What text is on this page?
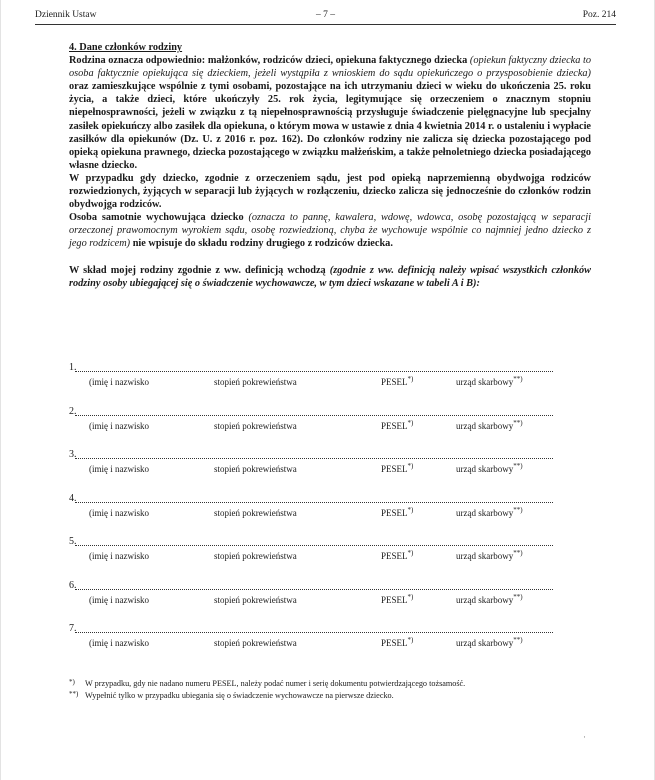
Dziennik Ustaw	– 7 –	Poz. 214
4. Dane członków rodziny

Rodzina oznacza odpowiednio: małżonków, rodziców dzieci, opiekuna faktycznego dziecka (opiekun faktyczny dziecka to osoba faktycznie opiekująca się dzieckiem, jeżeli wystąpiła z wnioskiem do sądu opiekuńczego o przysposobienie dziecka) oraz zamieszkujące wspólnie z tymi osobami, pozostające na ich utrzymaniu dzieci w wieku do ukończenia 25. roku życia, a także dzieci, które ukończyły 25. rok życia, legitymujące się orzeczeniem o znacznym stopniu niepełnosprawności, jeżeli w związku z tą niepełnosprawnością przysługuje świadczenie pielęgnacyjne lub specjalny zasiłek opiekuńczy albo zasiłek dla opiekuna, o którym mowa w ustawie z dnia 4 kwietnia 2014 r. o ustaleniu i wypłacie zasiłków dla opiekunów (Dz. U. z 2016 r. poz. 162). Do członków rodziny nie zalicza się dziecka pozostającego pod opieką opiekuna prawnego, dziecka pozostającego w związku małżeńskim, a także pełnoletniego dziecka posiadającego własne dziecko.

W przypadku gdy dziecko, zgodnie z orzeczeniem sądu, jest pod opieką naprzemienną obydwojga rodziców rozwiedzionych, żyjących w separacji lub żyjących w rozłączeniu, dziecko zalicza się jednocześnie do członków rodzin obydwojga rodziców.

Osoba samotnie wychowująca dziecko (oznacza to pannę, kawalera, wdowę, wdowca, osobę pozostającą w separacji orzeczonej prawomocnym wyrokiem sądu, osobę rozwiedzioną, chyba że wychowuje wspólnie co najmniej jedno dziecko z jego rodzicem) nie wpisuje do składu rodziny drugiego z rodziców dziecka.

W skład mojej rodziny zgodnie z ww. definicją wchodzą (zgodnie z ww. definicją należy wpisać wszystkich członków rodziny osoby ubiegającej się o świadczenie wychowawcze, w tym dzieci wskazane w tabeli A i B):

1.
(imię i nazwisko	stopień pokrewieństwa	PESEL*)	urząd skarbowy**)
2.
(imię i nazwisko	stopień pokrewieństwa	PESEL*)	urząd skarbowy**)
3.
(imię i nazwisko	stopień pokrewieństwa	PESEL*)	urząd skarbowy**)
4.
(imię i nazwisko	stopień pokrewieństwa	PESEL*)	urząd skarbowy**)
5.
(imię i nazwisko	stopień pokrewieństwa	PESEL*)	urząd skarbowy**)
6.
(imię i nazwisko	stopień pokrewieństwa	PESEL*)	urząd skarbowy**)
7.
(imię i nazwisko	stopień pokrewieństwa	PESEL*)	urząd skarbowy**)
*) W przypadku, gdy nie nadano numeru PESEL, należy podać numer i serię dokumentu potwierdzającego tożsamość.
**) Wypełnić tylko w przypadku ubiegania się o świadczenie wychowawcze na pierwsze dziecko.
·
